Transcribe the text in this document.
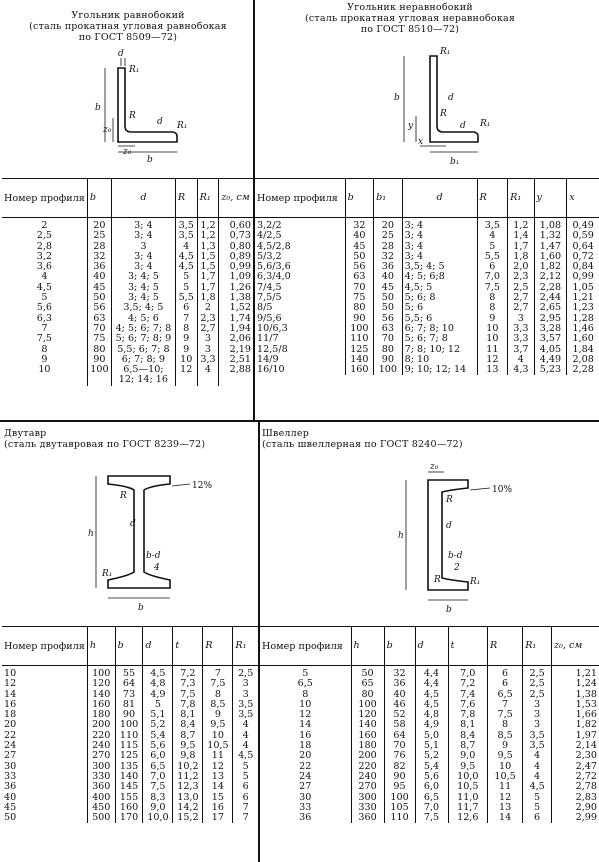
Угольник равнобокий
(сталь прокатная угловая равнобокая
по ГОСТ 8509—72)
d
R₁
b
z₀
R
d R₁
b
z₀
Номер профиля	b	d	R	R₁	z₀, см
2	20	3; 4	3,5	1,2	0,60
2,5	25	3; 4	3,5	1,2	0,73
2,8	28	3	4	1,3	0,80
3,2	32	3; 4	4,5	1,5	0,89
3,6	36	3; 4	4,5	1,5	0,99
4	40	3; 4; 5	5	1,7	1,09
4,5	45	3; 4; 5	5	1,7	1,26
5	50	3; 4; 5	5,5	1,8	1,38
5,6	56	3,5; 4; 5	6	2	1,52
6,3	63	4; 5; 6	7	2,3	1,74
7	70	4; 5; 6; 7; 8	8	2,7	1,94
7,5	75	5; 6; 7; 8; 9	9	3	2,06
8	80	5,5; 6; 7; 8	9	3	2,19
9	90	6; 7; 8; 9	10	3,3	2,51
10	100	6,5—10;	12	4	2,88
		12; 14; 16			
Угольник неравнобокий
(сталь прокатная угловая неравнобокая
по ГОСТ 8510—72)
R₁
b
y
R
d R₁
b₁
x
d
Номер профиля	b	b₁	d	R	R₁	y	x
3,2/2	32	20	3; 4	3,5	1,2	1,08	0,49
4/2,5	40	25	3; 4	4	1,4	1,32	0,59
4,5/2,8	45	28	3; 4	5	1,7	1,47	0,64
5/3,2	50	32	3; 4	5,5	1,8	1,60	0,72
5,6/3,6	56	36	3,5; 4; 5	6	2,0	1,82	0,84
6,3/4,0	63	40	4; 5; 6;8	7,0	2,3	2,12	0,99
7/4,5	70	45	4,5; 5	7,5	2,5	2,28	1,05
7,5/5	75	50	5; 6; 8	8	2,7	2,44	1,21
8/5	80	50	5; 6	8	2,7	2,65	1,23
9/5,6	90	56	5,5; 6	9	3	2,95	1,28
10/6,3	100	63	6; 7; 8; 10	10	3,3	3,28	1,46
11/7	110	70	5; 6; 7; 8	10	3,3	3,57	1,60
12,5/8	125	80	7; 8; 10; 12	11	3,7	4,05	1,84
14/9	140	90	8; 10	12	4	4,49	2,08
16/10	160	100	9; 10; 12; 14	13	4,3	5,23	2,28
Двутавр
(сталь двутавровая по ГОСТ 8239—72)
12%
R
h
d
b-d
4
R₁
b
Номер профиля	h	b	d	t	R	R₁
10	100	55	4,5	7,2	7	2,5
12	120	64	4,8	7,3	7,5	3
14	140	73	4,9	7,5	8	3
16	160	81	5	7,8	8,5	3,5
18	180	90	5,1	8,1	9	3,5
20	200	100	5,2	8,4	9,5	4
22	220	110	5,4	8,7	10	4
24	240	115	5,6	9,5	10,5	4
27	270	125	6,0	9,8	11	4,5
30	300	135	6,5	10,2	12	5
33	330	140	7,0	11,2	13	5
36	360	145	7,5	12,3	14	6
40	400	155	8,3	13,0	15	6
45	450	160	9,0	14,2	16	7
50	500	170	10,0	15,2	17	7
Швеллер
(сталь швеллерная по ГОСТ 8240—72)
z₀
10%
R
h
d
b-d
2
R	R₁
b
Номер профиля	h	b	d	t	R	R₁	z₀, см
5	50	32	4,4	7,0	6	2,5	1,21
6,5	65	36	4,4	7,2	6	2,5	1,24
8	80	40	4,5	7,4	6,5	2,5	1,38
10	100	46	4,5	7,6	7	3	1,53
12	120	52	4,8	7,8	7,5	3	1,66
14	140	58	4,9	8,1	8	3	1,82
16	160	64	5,0	8,4	8,5	3,5	1,97
18	180	70	5,1	8,7	9	3,5	2,14
20	200	76	5,2	9,0	9,5	4	2,30
22	220	82	5,4	9,5	10	4	2,47
24	240	90	5,6	10,0	10,5	4	2,72
27	270	95	6,0	10,5	11	4,5	2,78
30	300	100	6,5	11,0	12	5	2,83
33	330	105	7,0	11,7	13	5	2,90
36	360	110	7,5	12,6	14	6	2,99
